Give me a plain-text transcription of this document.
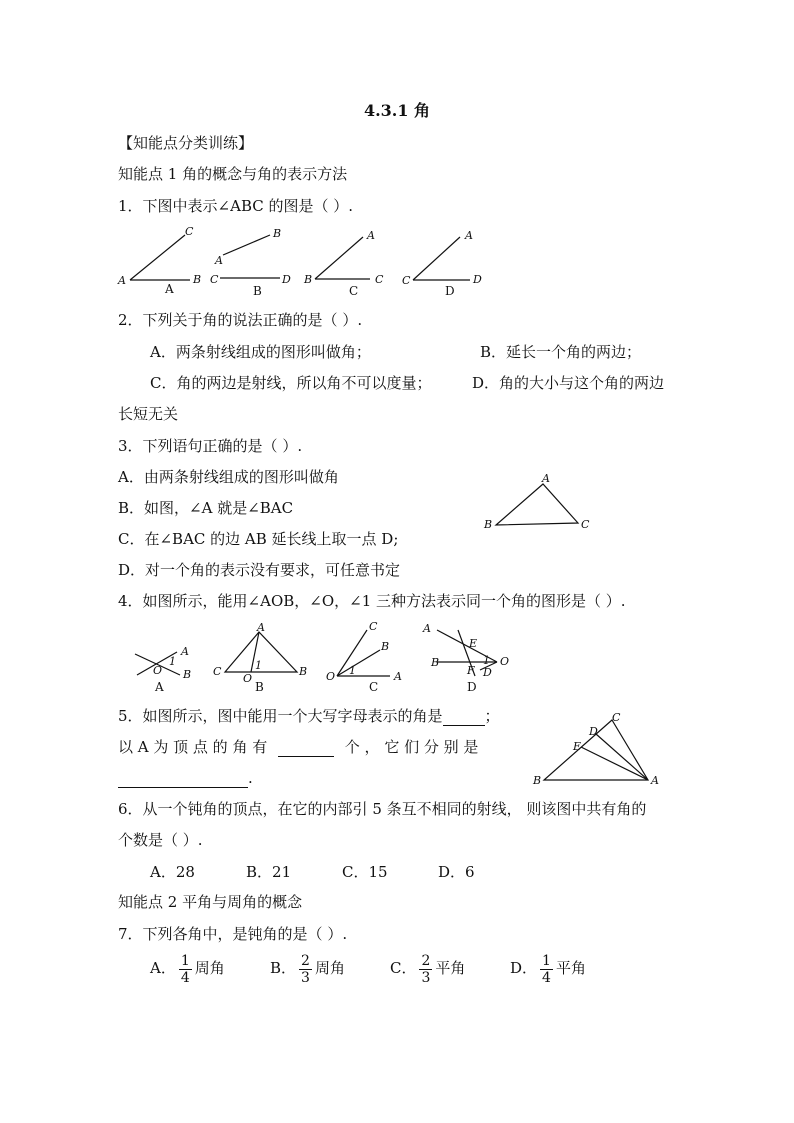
4.3.1 角
【知能点分类训练】
知能点 1 角的概念与角的表示方法
1．下图中表示∠ABC 的图是（ ）.
A	B
C
A
A
B
C	D
B
A
B	C
C
A
C	D
D
2．下列关于角的说法正确的是（ ）.
A．两条射线组成的图形叫做角；	B．延长一个角的两边；
C．角的两边是射线，所以角不可以度量；	D．角的大小与这个角的两边
长短无关
3．下列语句正确的是（ ）.
A．由两条射线组成的图形叫做角
B．如图，∠A 就是∠BAC
C．在∠BAC 的边 AB 延长线上取一点 D;
D．对一个角的表示没有要求，可任意书定
A
B	C
4．如图所示，能用∠AOB，∠O，∠1 三种方法表示同一个角的图形是（ ）.
A
B
O
1
A
A
C
O
1	B
B
C
B
O 1	A
C
A
E
B
F D
O
1
D
5．如图所示，图中能用一个大写字母表示的角是	；
以 A 为 顶 点 的 角 有	个 ， 它 们 分 别 是
.
C
D
E
B	A
6．从一个钝角的顶点，在它的内部引 5 条互不相同的射线， 则该图中共有角的
个数是（ ）.
A．28	B．21	C．15	D．6
知能点 2 平角与周角的概念
7．下列各角中，是钝角的是（ ）.
A． $\frac{1}{4}$ 周角	B． $\frac{2}{3}$ 周角	C． $\frac{2}{3}$ 平角	D． $\frac{1}{4}$ 平角
